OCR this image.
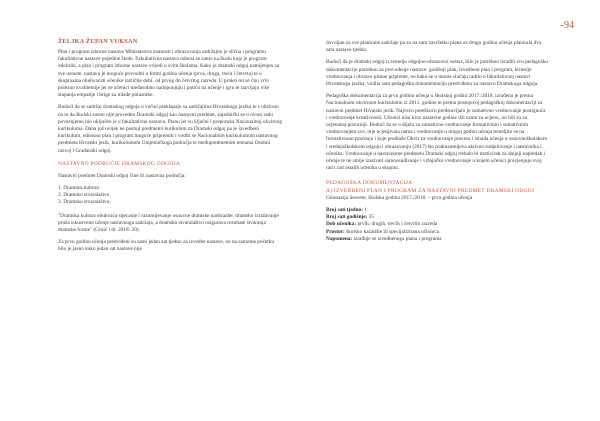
-94
ŽELJKA ŽUPAN VUKSAN

Plan i program izborne nastave Ministarstva znanosti i obrazovanja sadržajno je slična i programu fakultativne nastave pojedine škole. Fakultativna nastava odnosi se samo na školu koja je program odobrila, a plan i program izborne nastave vrijedi u svim školama. Kako je dramski odgoj namijenjen za sve uzraste, nastavu je moguće provoditi u formi godina učenja (prva, druga, treća i četvrta) te u skupinama obuhvaćati učenike različite dobi, od prvog do četvrtog razreda. U praksi mi se čini vrlo polezno kvalitetnije jer se učenici međusobno nadopunjuju i potiču na učenje i igru te razvijaju više stupanja empatije i brige za mlađe polaznike.

Budući da se sadržaj dramskog odgoja u većini preklapaju sa sadržajima Hrvatskoga jezika te s obzirom na to da školski susret nije proveden Dramski odgoj kao nastavni predmet, zajednički se u ovom radu povezujemo bio uključen je u fakultativnu nastavu. Planu jer su ključni i preporuka Nacionalnoj okvirnog kurikuluma. Dana još uvijek ne postoji predmetni kurikulum za Dramski odgoj pa je izvedbeni kurikulum, odnosno plan i program moguće pripremiti i voditi se Nacionalnim kurikulumom nastavnog predmeta Hrvatski jezik, kurikulumom Umjetničkoga područja te međupredmetnim temama Osobni razvoj i Građanski odgoj.

NASTAVNO PODRUČJE DRAMSKOG ODGOJA

Nastavni predmet Dramski odgoj čine tri nastavna područja:

1. Dramska kultura
2. Dramsko stvaralaštvo
3. Dramsko stvaralaštvo.

"Dramska kultura obuhvaća stjecanje i razumijevanje osnovne dramske naobrazbe, dramsko izražavanje pruža iskustveno učenje nastavnoga sadržaja, a dramsko stvaralaštvo osigurava rezultate stvaranja dramske forme" (Gruić i dr. 2018: 20).

Za prvu godinu učenja predviđeni su sami jedan sat tjedno za izvedbe nastave, no na samome početku bilo je jasno kako jedan sat nastave nije

dovoljan za sve planirane sadržaje pa su na sam završetku plana za drugu godinu učenja planirala dva sata nastave tjedno.

Budući da je dramski odgoj iz temelju odgojno-obrazovni sustav, bilo je potrebno izraditi svu pedagošku dokumentaciju potrebnu za provođenje nastave: godišnji plan, izvedbeni plan i program, kriterije vrednovanja i obrasce pisane pripreme, no kako se u mome slučaju radilo o fakultativnoj nastavi Hrvatskoga jezika, vodila sam pedagošku dokumentaciju predviđenu za nastavu Dramskoga odgoja.

Pedagoška dokumentacija za prvu godinu učenja u školskoj godini 2017./2018. izrađena je prema Nacionalnom okvirnom kurikulumu iz 2011. godine te prema postojećoj pedagoškoj dokumentaciji za nastavni predmet Hrvatski jezik. Najveću poteškoću predstavljalo je sumativno vrednovanje postignuća i vrednovanje kreativnosti. Učenici nisu kroz nastavne godine išli samo za ocjenu, no bili su za ocjenama pozorniji. Budući da se u dijelu za sumativno vrednovanje formativnim i sumativnim vrednovanjem sve, nije ocjenjivala nama i vrednovanje u drugoj godini učenja temeljito se na formativnom praćenju i koje predlaže Okvir za vrednovanje procesa i ishoda učenja u osnovnoškolskom i srednjoškolskom odgoju i obrazovanju (2017) što podrazumijeva aktivno sudjelovanje i nastavnika i učenika. Vrednovanje u nastavnome predmetu Dramski odgoj trebalo bi motivirati za daljnji napredak i učenje te ne smije izazivati samoosuđivanje i vršnjačko vrednovanje u kojem učenici procjenjuju svoj rad i rad ostalih učenika u skupini.

PEDAGOŠKA DOKUMENTACIJA
A) IZVEDBENI PLAN I PROGRAM ZA NASTAVNI PREDMET DRAMSKI ODGOJ

Gimnazija Sesvete, školska godina 2017./2018. – prva godina učenja

Broj sati tjedno: 1

Broj sati godišnje: 35

Dob učenika: prvih, drugih, trećih i četvrtih razreda

Prostor: školsko kazalište ili specijalizirana učionica

Napomena: izrađuje se izvedbenoga plana i programa
